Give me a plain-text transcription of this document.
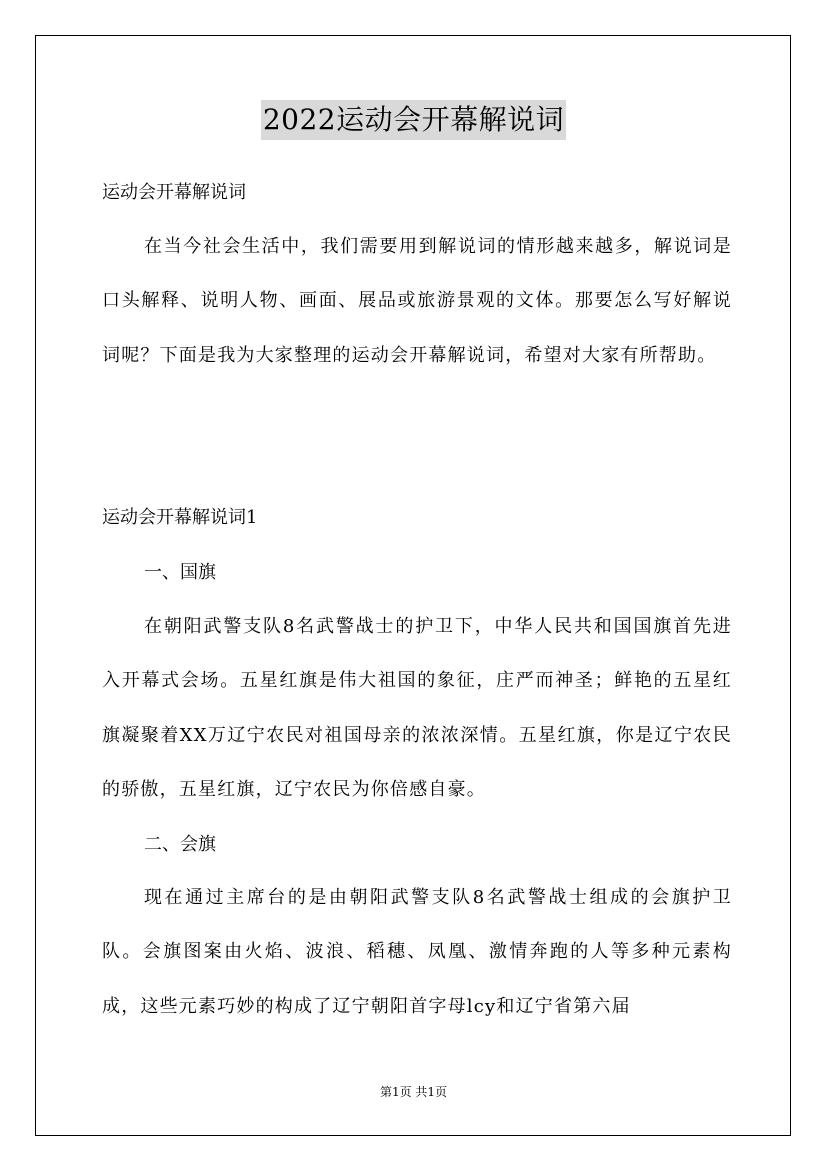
2022运动会开幕解说词
运动会开幕解说词
在当今社会生活中，我们需要用到解说词的情形越来越多，解说词是口头解释、说明人物、画面、展品或旅游景观的文体。那要怎么写好解说词呢？下面是我为大家整理的运动会开幕解说词，希望对大家有所帮助。
运动会开幕解说词1
一、国旗
在朝阳武警支队8名武警战士的护卫下，中华人民共和国国旗首先进入开幕式会场。五星红旗是伟大祖国的象征，庄严而神圣；鲜艳的五星红旗凝聚着XX万辽宁农民对祖国母亲的浓浓深情。五星红旗，你是辽宁农民的骄傲，五星红旗，辽宁农民为你倍感自豪。
二、会旗
现在通过主席台的是由朝阳武警支队8名武警战士组成的会旗护卫队。会旗图案由火焰、波浪、稻穗、凤凰、激情奔跑的人等多种元素构成，这些元素巧妙的构成了辽宁朝阳首字母lcy和辽宁省第六届
第1页 共1页
